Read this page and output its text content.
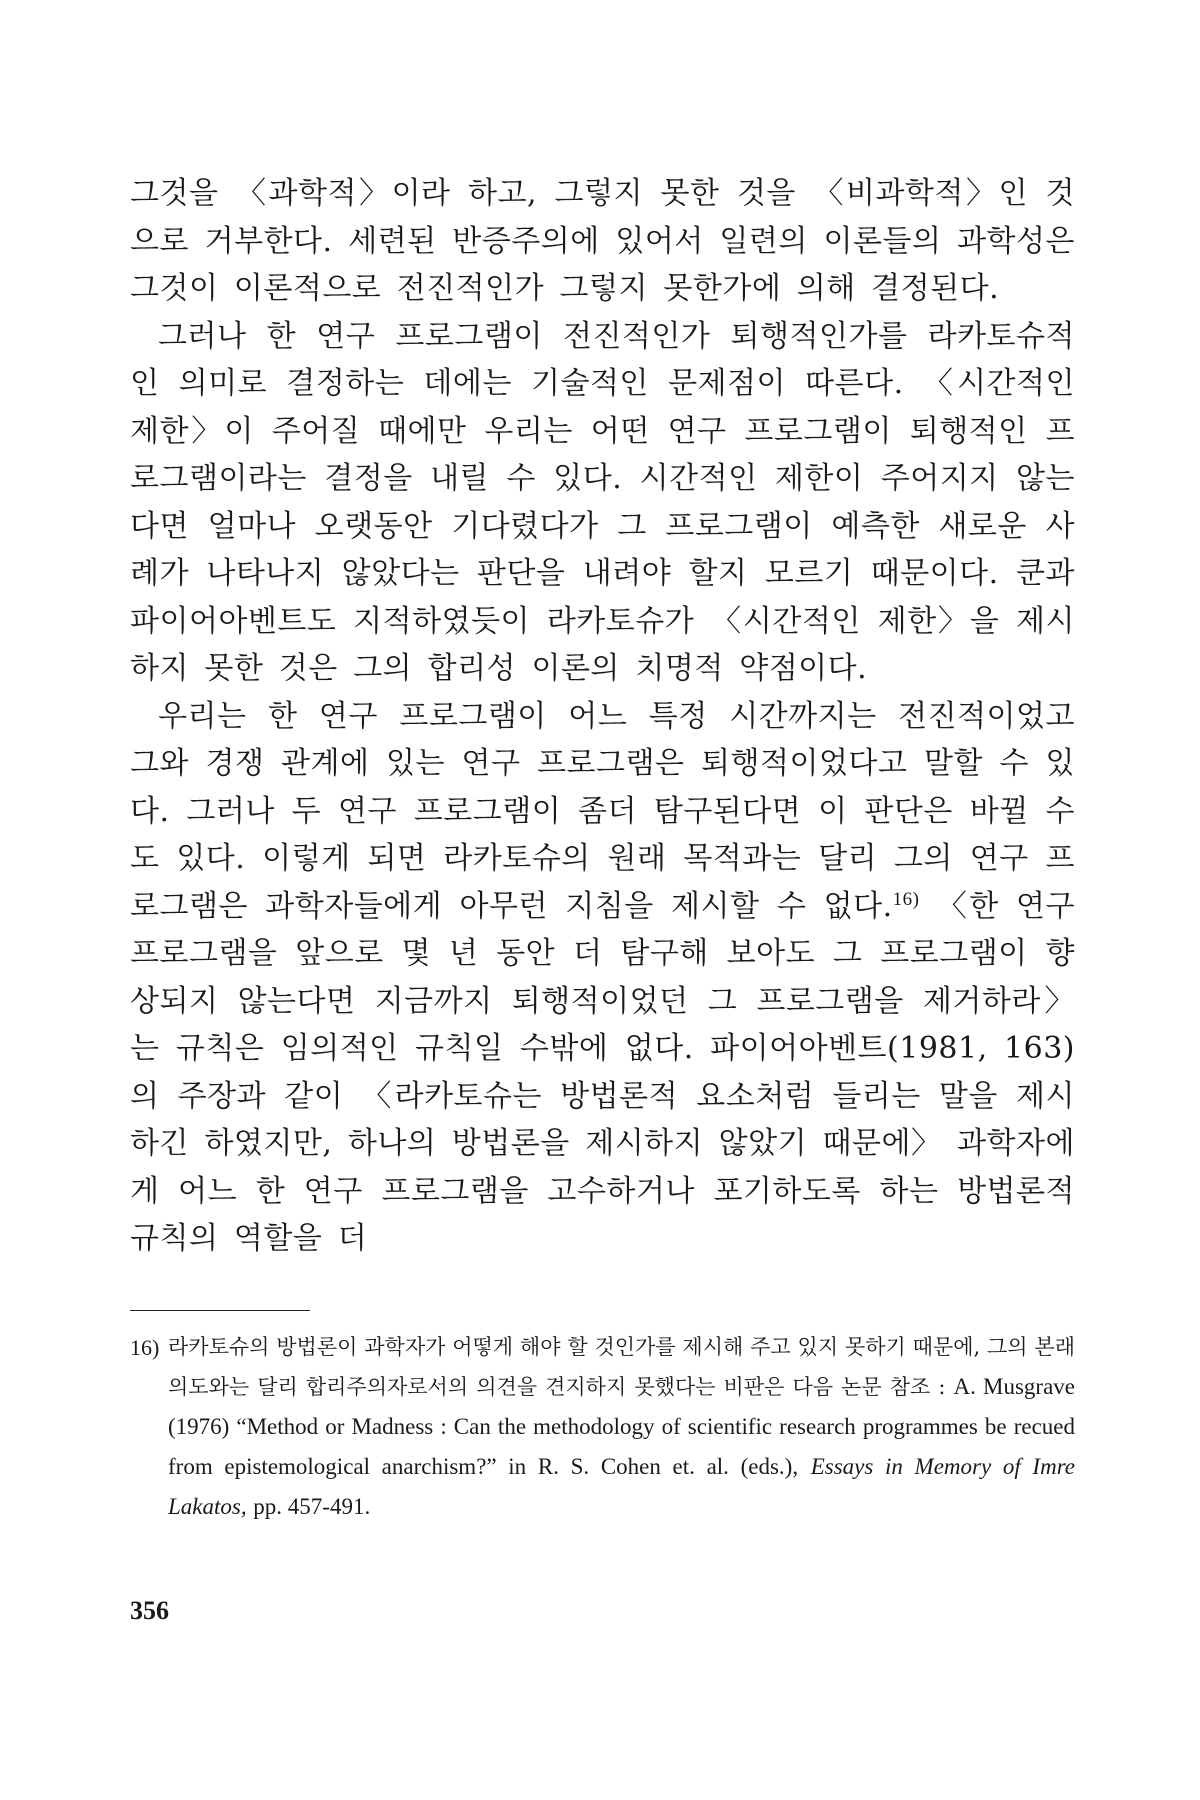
그것을 〈과학적〉이라 하고, 그렇지 못한 것을 〈비과학적〉인 것으로 거부한다. 세련된 반증주의에 있어서 일련의 이론들의 과학성은 그것이 이론적으로 전진적인가 그렇지 못한가에 의해 결정된다.

그러나 한 연구 프로그램이 전진적인가 퇴행적인가를 라카토슈적인 의미로 결정하는 데에는 기술적인 문제점이 따른다. 〈시간적인 제한〉이 주어질 때에만 우리는 어떤 연구 프로그램이 퇴행적인 프로그램이라는 결정을 내릴 수 있다. 시간적인 제한이 주어지지 않는다면 얼마나 오랫동안 기다렸다가 그 프로그램이 예측한 새로운 사례가 나타나지 않았다는 판단을 내려야 할지 모르기 때문이다. 쿤과 파이어아벤트도 지적하였듯이 라카토슈가 〈시간적인 제한〉을 제시하지 못한 것은 그의 합리성 이론의 치명적 약점이다.

우리는 한 연구 프로그램이 어느 특정 시간까지는 전진적이었고 그와 경쟁 관계에 있는 연구 프로그램은 퇴행적이었다고 말할 수 있다. 그러나 두 연구 프로그램이 좀더 탐구된다면 이 판단은 바뀔 수도 있다. 이렇게 되면 라카토슈의 원래 목적과는 달리 그의 연구 프로그램은 과학자들에게 아무런 지침을 제시할 수 없다.$^{16)}$ 〈한 연구 프로그램을 앞으로 몇 년 동안 더 탐구해 보아도 그 프로그램이 향상되지 않는다면 지금까지 퇴행적이었던 그 프로그램을 제거하라〉는 규칙은 임의적인 규칙일 수밖에 없다. 파이어아벤트(1981, 163)의 주장과 같이 〈라카토슈는 방법론적 요소처럼 들리는 말을 제시하긴 하였지만, 하나의 방법론을 제시하지 않았기 때문에〉 과학자에게 어느 한 연구 프로그램을 고수하거나 포기하도록 하는 방법론적 규칙의 역할을 더

16) 라카토슈의 방법론이 과학자가 어떻게 해야 할 것인가를 제시해 주고 있지 못하기 때문에, 그의 본래 의도와는 달리 합리주의자로서의 의견을 견지하지 못했다는 비판은 다음 논문 참조 : A. Musgrave (1976) “Method or Madness : Can the methodology of scientific research programmes be recued from epistemological anarchism?” in R. S. Cohen et. al. (eds.), Essays in Memory of Imre Lakatos, pp. 457-491.
356
